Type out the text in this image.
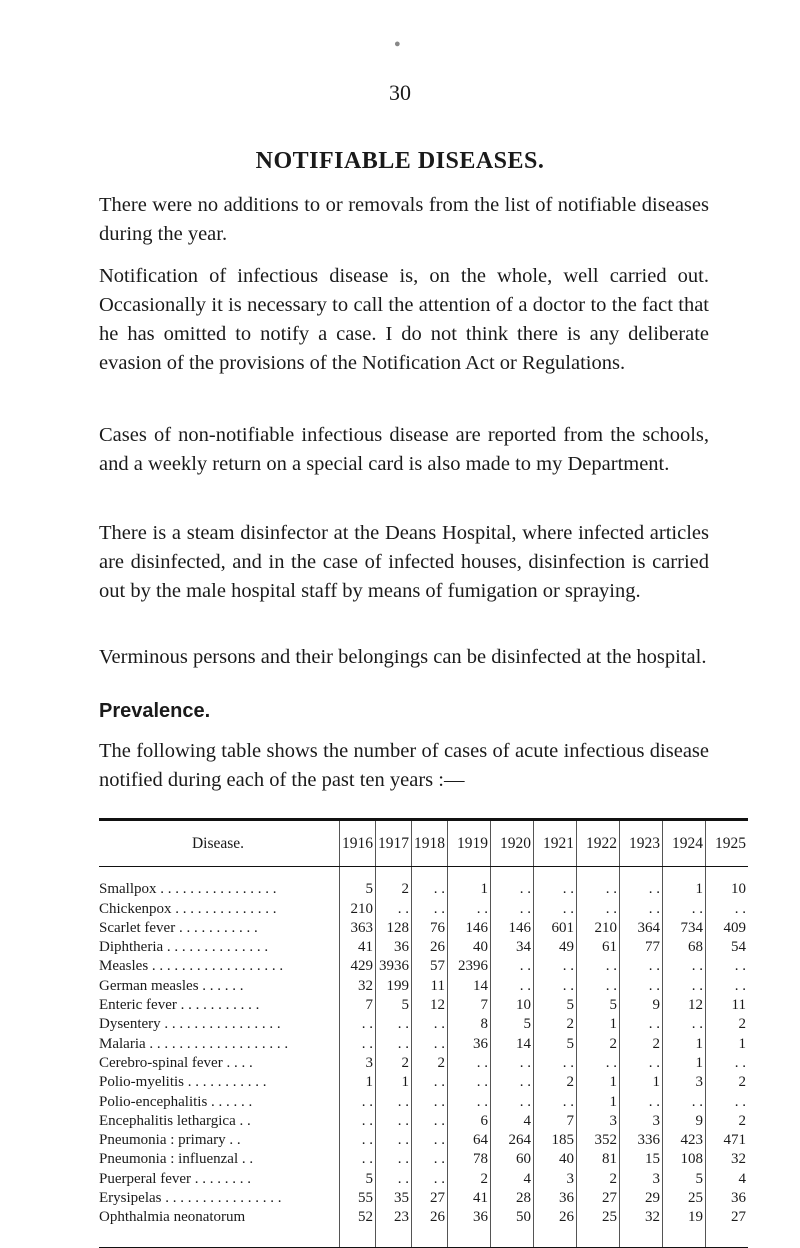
●
30
NOTIFIABLE DISEASES.
There were no additions to or removals from the list of notifiable diseases during the year.
Notification of infectious disease is, on the whole, well carried out. Occasionally it is necessary to call the attention of a doctor to the fact that he has omitted to notify a case. I do not think there is any deliberate evasion of the provisions of the Notification Act or Regulations.
Cases of non-notifiable infectious disease are reported from the schools, and a weekly return on a special card is also made to my Department.
There is a steam disinfector at the Deans Hospital, where infected articles are disinfected, and in the case of infected houses, disinfection is carried out by the male hospital staff by means of fumigation or spraying.
Verminous persons and their belongings can be disinfected at the hospital.
Prevalence.
The following table shows the number of cases of acute infectious disease notified during each of the past ten years :—
Disease.	1916	1917	1918	1919	1920	1921	1922	1923	1924	1925
Smallpox . . . . . . . . . . . . . . . .	5	2	. .	1	. .	. .	. .	. .	1	10
Chickenpox . . . . . . . . . . . . . .	210	. .	. .	. .	. .	. .	. .	. .	. .	. .
Scarlet fever . . . . . . . . . . .	363	128	76	146	146	601	210	364	734	409
Diphtheria . . . . . . . . . . . . . .	41	36	26	40	34	49	61	77	68	54
Measles . . . . . . . . . . . . . . . . . .	429	3936	57	2396	. .	. .	. .	. .	. .	. .
German measles . . . . . .	32	199	11	14	. .	. .	. .	. .	. .	. .
Enteric fever . . . . . . . . . . .	7	5	12	7	10	5	5	9	12	11
Dysentery . . . . . . . . . . . . . . . .	. .	. .	. .	8	5	2	1	. .	. .	2
Malaria . . . . . . . . . . . . . . . . . . .	. .	. .	. .	36	14	5	2	2	1	1
Cerebro-spinal fever . . . .	3	2	2	. .	. .	. .	. .	. .	1	. .
Polio-myelitis . . . . . . . . . . .	1	1	. .	. .	. .	2	1	1	3	2
Polio-encephalitis . . . . . .	. .	. .	. .	. .	. .	. .	1	. .	. .	. .
Encephalitis lethargica . .	. .	. .	. .	6	4	7	3	3	9	2
Pneumonia : primary . .	. .	. .	. .	64	264	185	352	336	423	471
Pneumonia : influenzal . .	. .	. .	. .	78	60	40	81	15	108	32
Puerperal fever . . . . . . . .	5	. .	. .	2	4	3	2	3	5	4
Erysipelas . . . . . . . . . . . . . . . .	55	35	27	41	28	36	27	29	25	36
Ophthalmia neonatorum	52	23	26	36	50	26	25	32	19	27
